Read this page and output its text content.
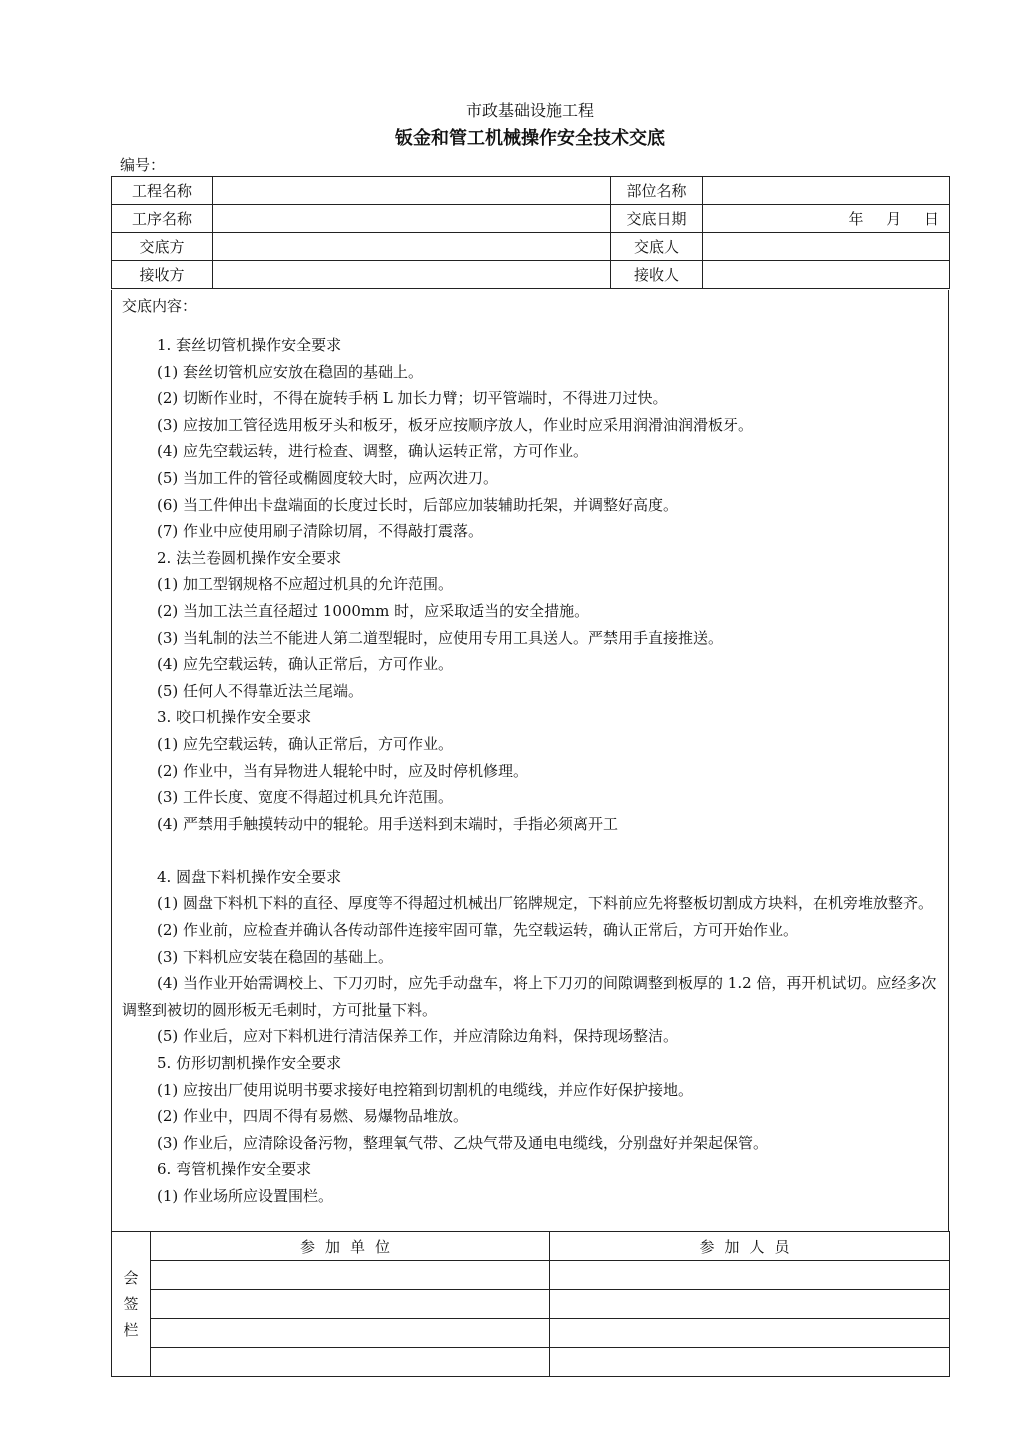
市政基础设施工程
钣金和管工机械操作安全技术交底
编号：
工程名称		部位名称	
工序名称		交底日期	年 月 日
交底方		交底人	
接收方		接收人	
交底内容：
1. 套丝切管机操作安全要求
(1) 套丝切管机应安放在稳固的基础上。
(2) 切断作业时，不得在旋转手柄 L 加长力臂；切平管端时，不得进刀过快。
(3) 应按加工管径选用板牙头和板牙，板牙应按顺序放人，作业时应采用润滑油润滑板牙。
(4) 应先空载运转，进行检查、调整，确认运转正常，方可作业。
(5) 当加工件的管径或椭圆度较大时，应两次进刀。
(6) 当工件伸出卡盘端面的长度过长时，后部应加装辅助托架，并调整好高度。
(7) 作业中应使用刷子清除切屑，不得敲打震落。
2. 法兰卷圆机操作安全要求
(1) 加工型钢规格不应超过机具的允许范围。
(2) 当加工法兰直径超过 1000mm 时，应采取适当的安全措施。
(3) 当轧制的法兰不能进人第二道型辊时，应使用专用工具送人。严禁用手直接推送。
(4) 应先空载运转，确认正常后，方可作业。
(5) 任何人不得靠近法兰尾端。
3. 咬口机操作安全要求
(1) 应先空载运转，确认正常后，方可作业。
(2) 作业中，当有异物进人辊轮中时，应及时停机修理。
(3) 工件长度、宽度不得超过机具允许范围。
(4) 严禁用手触摸转动中的辊轮。用手送料到末端时，手指必须离开工
4. 圆盘下料机操作安全要求
(1) 圆盘下料机下料的直径、厚度等不得超过机械出厂铭牌规定，下料前应先将整板切割成方块料，在机旁堆放整齐。
(2) 作业前，应检查并确认各传动部件连接牢固可靠，先空载运转，确认正常后，方可开始作业。
(3) 下料机应安装在稳固的基础上。
(4) 当作业开始需调校上、下刀刃时，应先手动盘车，将上下刀刃的间隙调整到板厚的 1.2 倍，再开机试切。应经多次调整到被切的圆形板无毛刺时，方可批量下料。
(5) 作业后，应对下料机进行清洁保养工作，并应清除边角料，保持现场整洁。
5. 仿形切割机操作安全要求
(1) 应按出厂使用说明书要求接好电控箱到切割机的电缆线，并应作好保护接地。
(2) 作业中，四周不得有易燃、易爆物品堆放。
(3) 作业后，应清除设备污物，整理氧气带、乙炔气带及通电电缆线，分别盘好并架起保管。
6. 弯管机操作安全要求
(1) 作业场所应设置围栏。
会签栏	参加单位	参加人员
